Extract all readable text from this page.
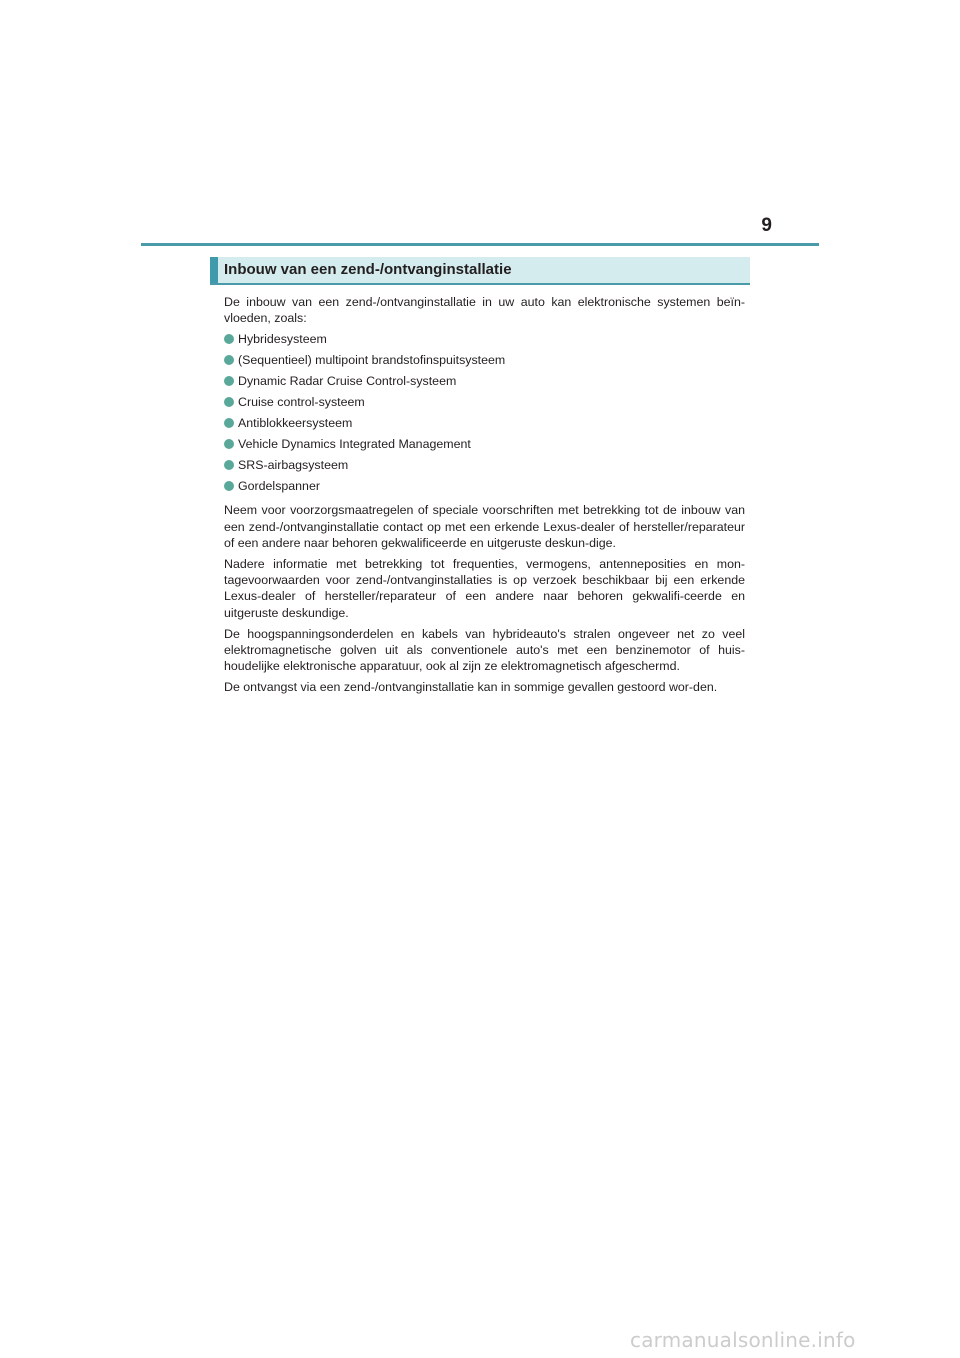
9
Inbouw van een zend-/ontvanginstallatie

De inbouw van een zend-/ontvanginstallatie in uw auto kan elektronische systemen beïn-vloeden, zoals:

Hybridesysteem
(Sequentieel) multipoint brandstofinspuitsysteem
Dynamic Radar Cruise Control-systeem
Cruise control-systeem
Antiblokkeersysteem
Vehicle Dynamics Integrated Management
SRS-airbagsysteem
Gordelspanner

Neem voor voorzorgsmaatregelen of speciale voorschriften met betrekking tot de inbouw van een zend-/ontvanginstallatie contact op met een erkende Lexus-dealer of hersteller/reparateur of een andere naar behoren gekwalificeerde en uitgeruste deskun-dige.

Nadere informatie met betrekking tot frequenties, vermogens, antenneposities en mon-tagevoorwaarden voor zend-/ontvanginstallaties is op verzoek beschikbaar bij een erkende Lexus-dealer of hersteller/reparateur of een andere naar behoren gekwalifi-ceerde en uitgeruste deskundige.

De hoogspanningsonderdelen en kabels van hybrideauto's stralen ongeveer net zo veel elektromagnetische golven uit als conventionele auto's met een benzinemotor of huis-houdelijke elektronische apparatuur, ook al zijn ze elektromagnetisch afgeschermd.

De ontvangst via een zend-/ontvanginstallatie kan in sommige gevallen gestoord wor-den.

carmanualsonline.info
